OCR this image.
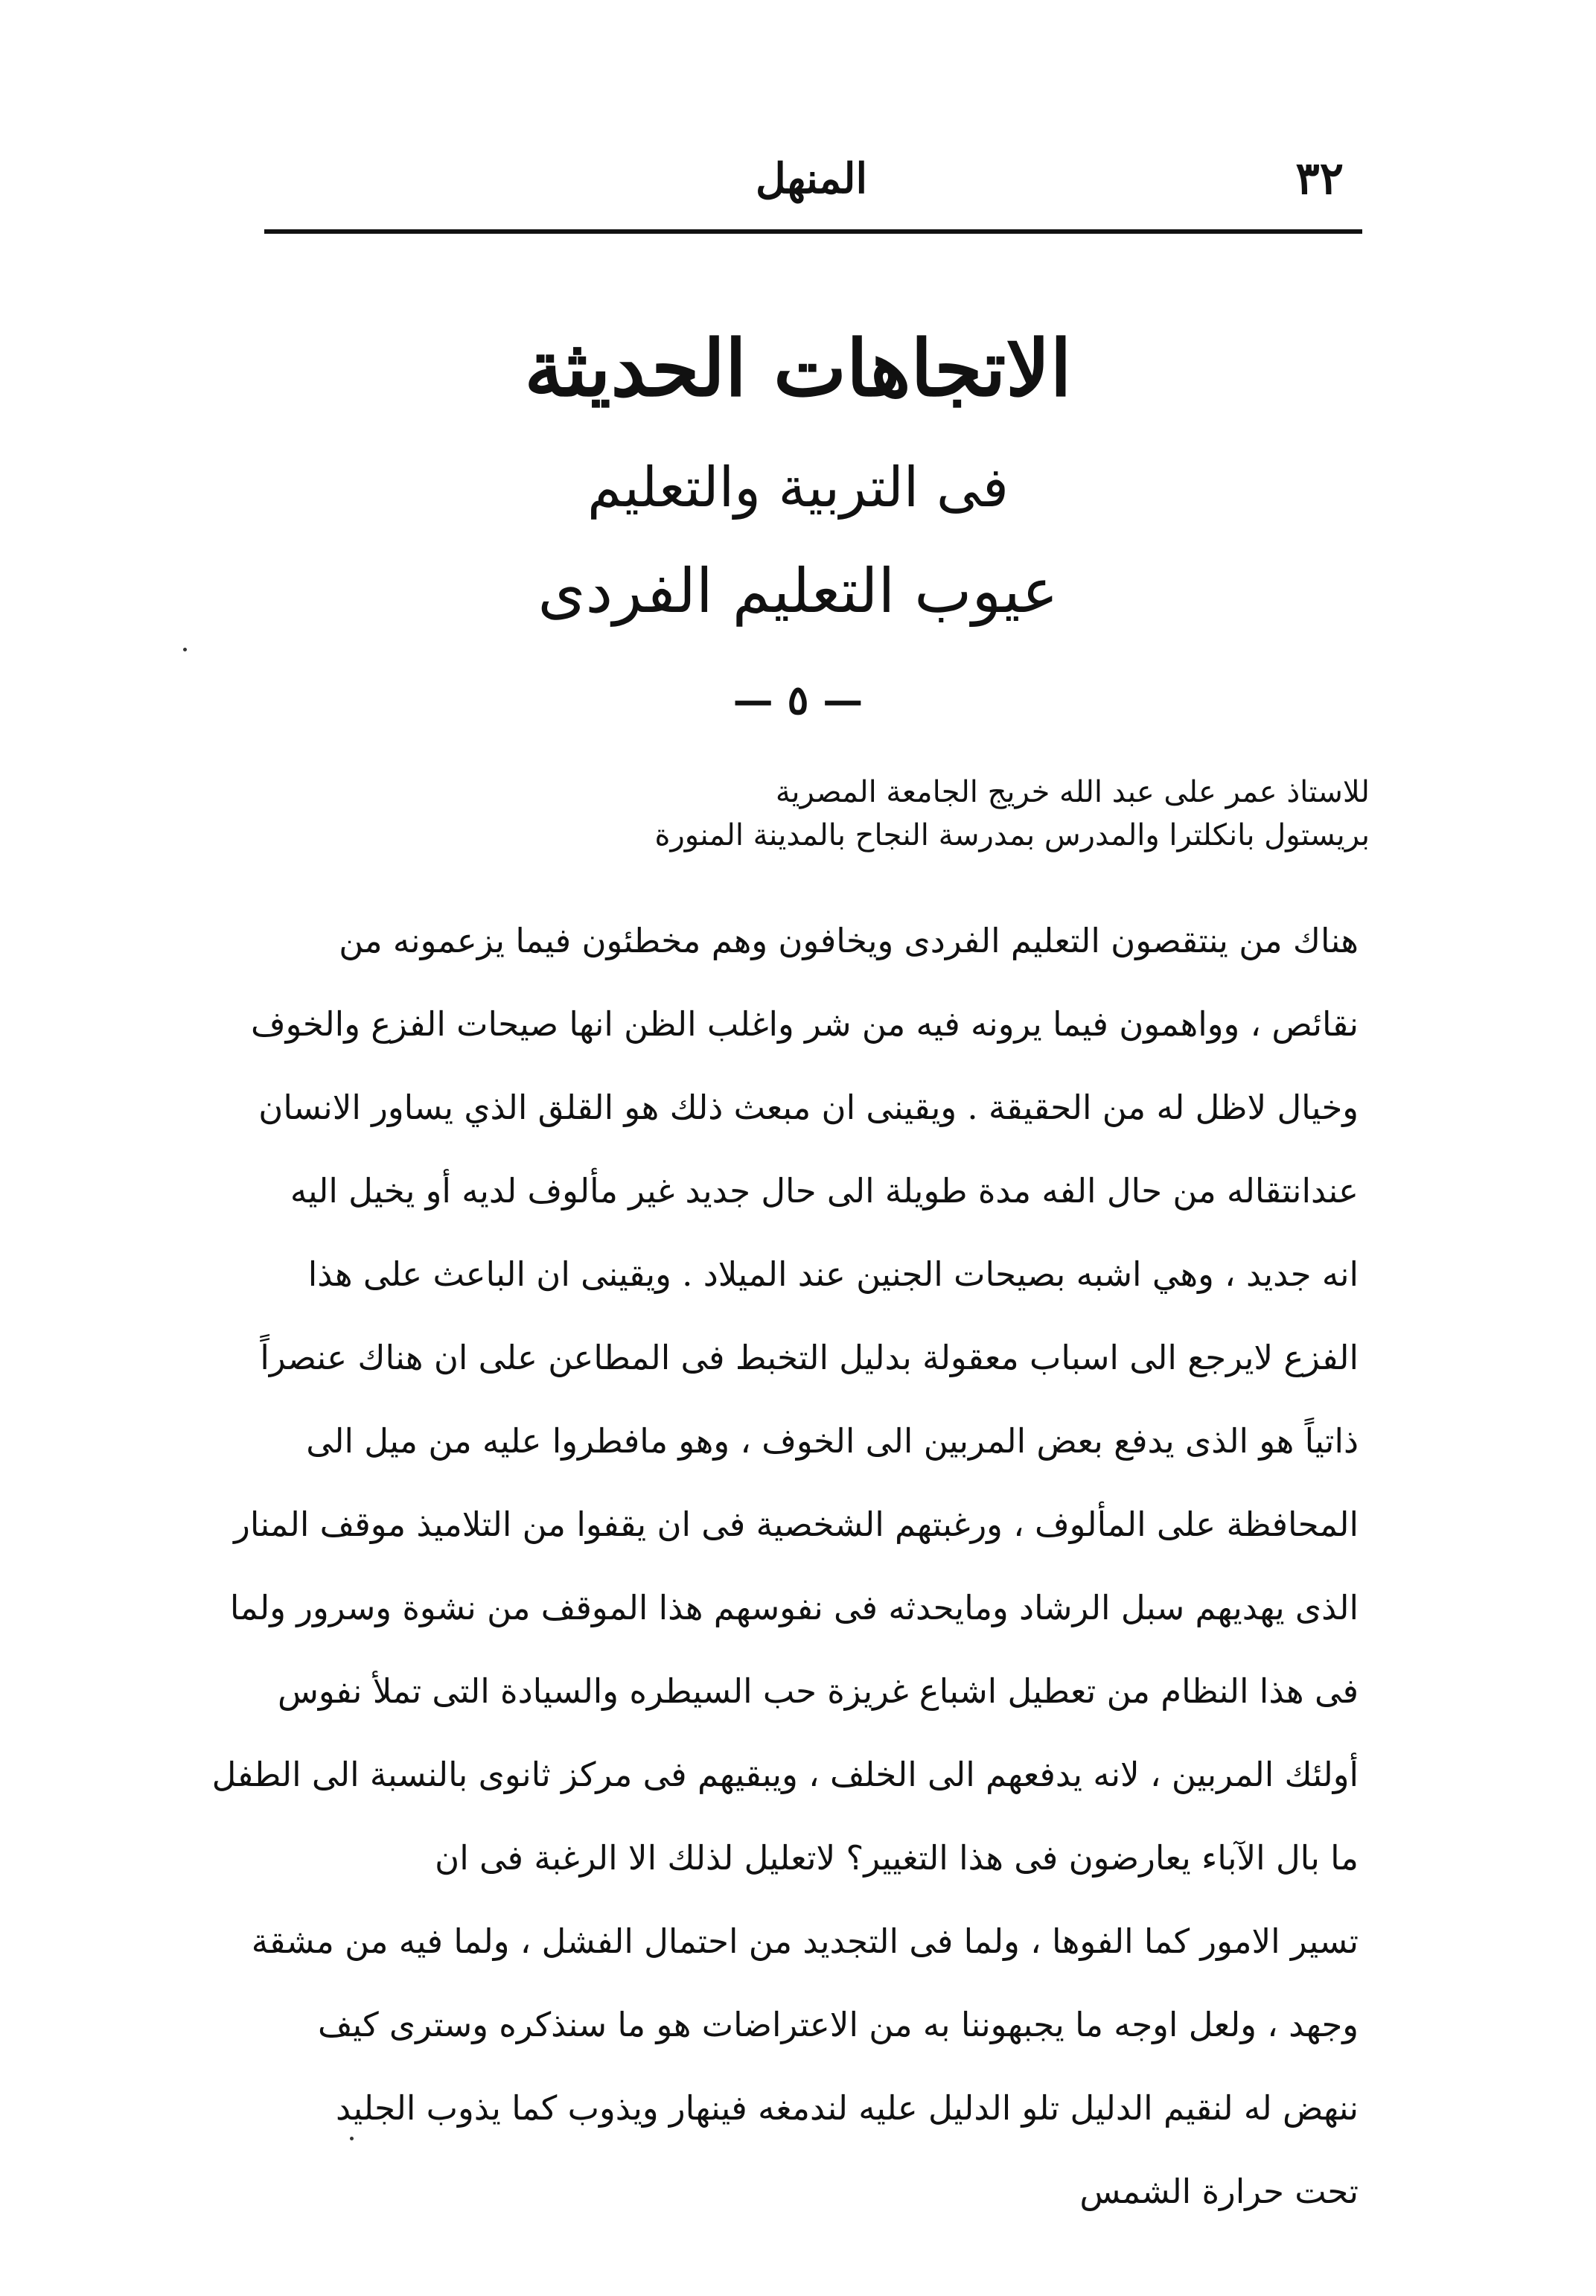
٣٢
المنهل
الاتجاهات الحديثة
فى التربية والتعليم
عيوب التعليم الفردى
— ٥ —
للاستاذ عمر على عبد الله خريج الجامعة المصرية
بريستول بانكلترا والمدرس بمدرسة النجاح بالمدينة المنورة
هناك من ينتقصون التعليم الفردى ويخافون وهم مخطئون فيما يزعمونه من
نقائص ، وواهمون فيما يرونه فيه من شر واغلب الظن انها صيحات الفزع والخوف
وخيال لاظل له من الحقيقة . ويقينى ان مبعث ذلك هو القلق الذي يساور الانسان
عندانتقاله من حال الفه مدة طويلة الى حال جديد غير مألوف لديه أو يخيل اليه
انه جديد ، وهي اشبه بصيحات الجنين عند الميلاد . ويقينى ان الباعث على هذا
الفزع لايرجع الى اسباب معقولة بدليل التخبط فى المطاعن على ان هناك عنصراً
ذاتياً هو الذى يدفع بعض المربين الى الخوف ، وهو مافطروا عليه من ميل الى
المحافظة على المألوف ، ورغبتهم الشخصية فى ان يقفوا من التلاميذ موقف المنار
الذى يهديهم سبل الرشاد ومايحدثه فى نفوسهم هذا الموقف من نشوة وسرور ولما
فى هذا النظام من تعطيل اشباع غريزة حب السيطره والسيادة التى تملأ نفوس
أولئك المربين ، لانه يدفعهم الى الخلف ، ويبقيهم فى مركز ثانوى بالنسبة الى الطفل
ما بال الآباء يعارضون فى هذا التغيير؟ لاتعليل لذلك الا الرغبة فى ان
تسير الامور كما الفوها ، ولما فى التجديد من احتمال الفشل ، ولما فيه من مشقة
وجهد ، ولعل اوجه ما يجبهوننا به من الاعتراضات هو ما سنذكره وسترى كيف
ننهض له لنقيم الدليل تلو الدليل عليه لندمغه فينهار ويذوب كما يذوب الجليد
تحت حرارة الشمس
